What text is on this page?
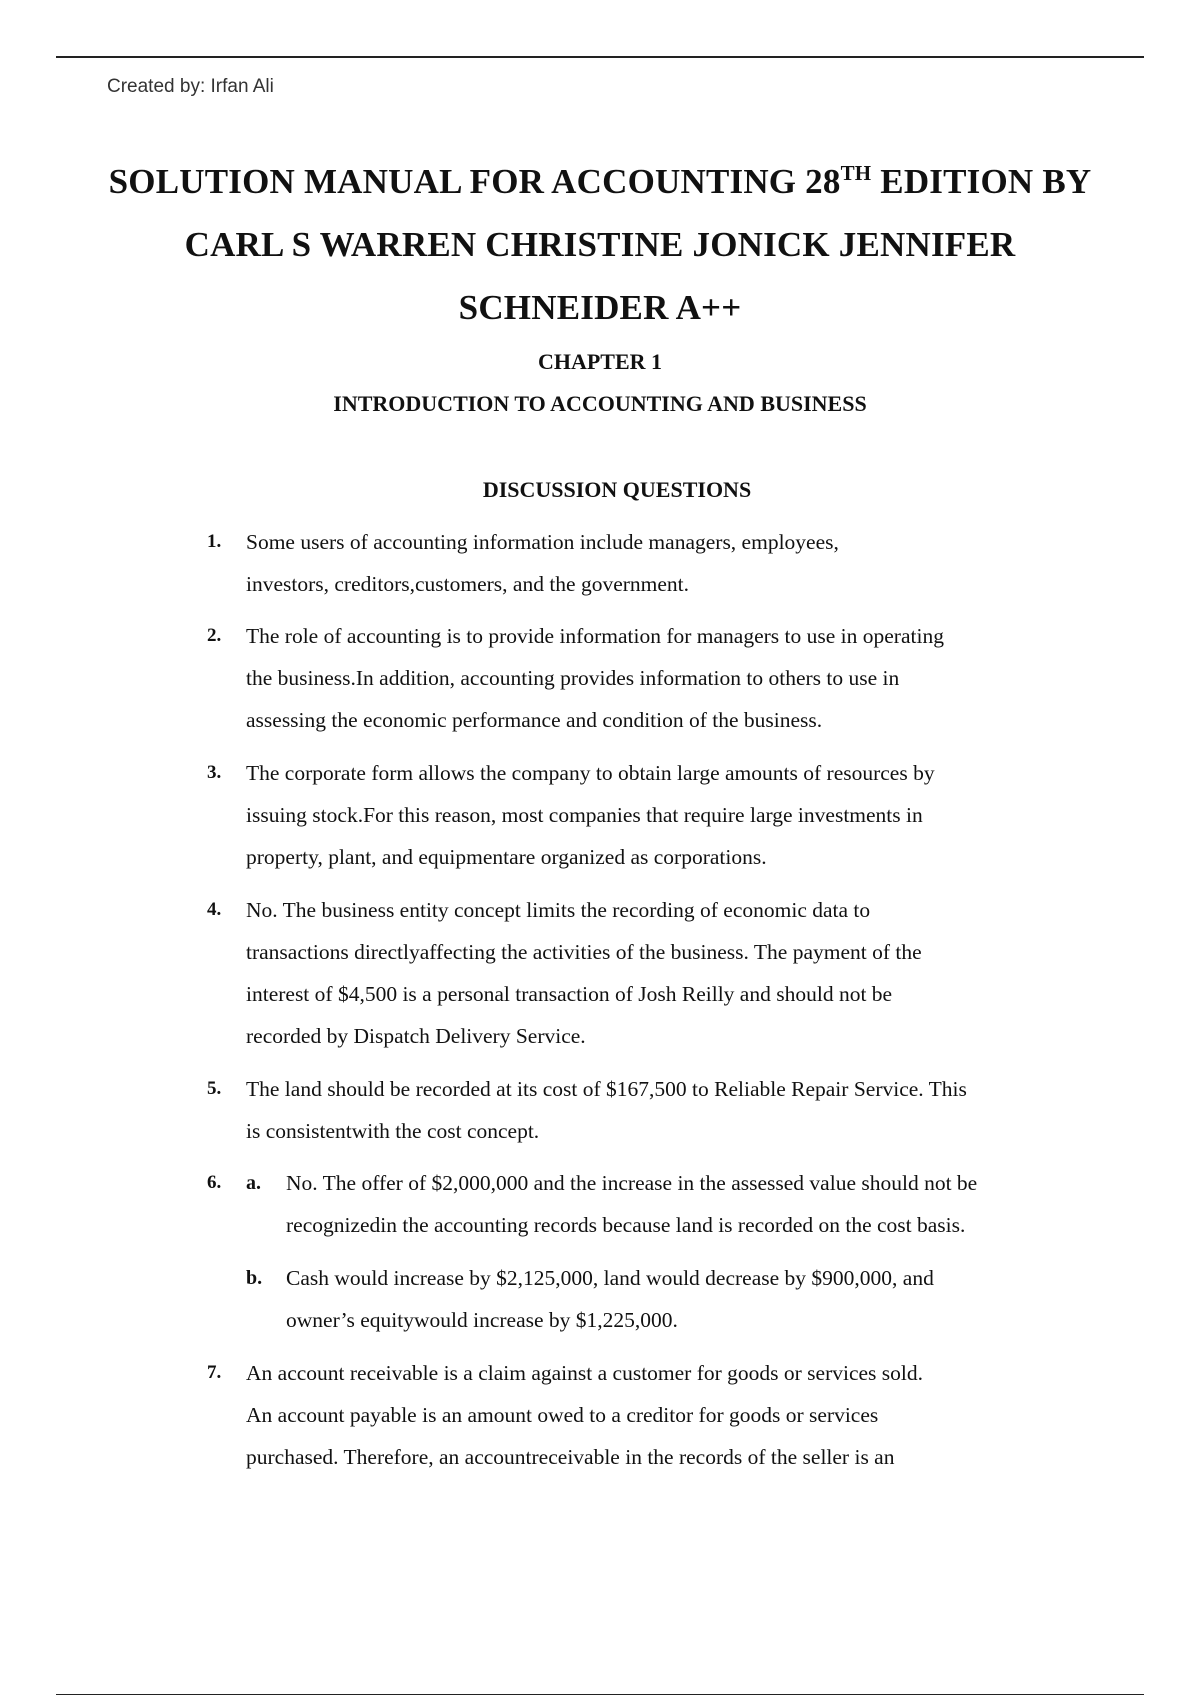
Created by: Irfan Ali

SOLUTION MANUAL FOR ACCOUNTING 28TH EDITION BY
CARL S WARREN CHRISTINE JONICK JENNIFER
SCHNEIDER A++

CHAPTER 1

INTRODUCTION TO ACCOUNTING AND BUSINESS

DISCUSSION QUESTIONS

1. Some users of accounting information include managers, employees,
investors, creditors,customers, and the government.

2. The role of accounting is to provide information for managers to use in operating
the business.In addition, accounting provides information to others to use in
assessing the economic performance and condition of the business.

3. The corporate form allows the company to obtain large amounts of resources by
issuing stock.For this reason, most companies that require large investments in
property, plant, and equipmentare organized as corporations.

4. No. The business entity concept limits the recording of economic data to
transactions directlyaffecting the activities of the business. The payment of the
interest of $4,500 is a personal transaction of Josh Reilly and should not be
recorded by Dispatch Delivery Service.

5. The land should be recorded at its cost of $167,500 to Reliable Repair Service. This
is consistentwith the cost concept.

6. a. No. The offer of $2,000,000 and the increase in the assessed value should not be
recognizedin the accounting records because land is recorded on the cost basis.

b. Cash would increase by $2,125,000, land would decrease by $900,000, and
owner’s equitywould increase by $1,225,000.

7. An account receivable is a claim against a customer for goods or services sold.
An account payable is an amount owed to a creditor for goods or services
purchased. Therefore, an accountreceivable in the records of the seller is an
